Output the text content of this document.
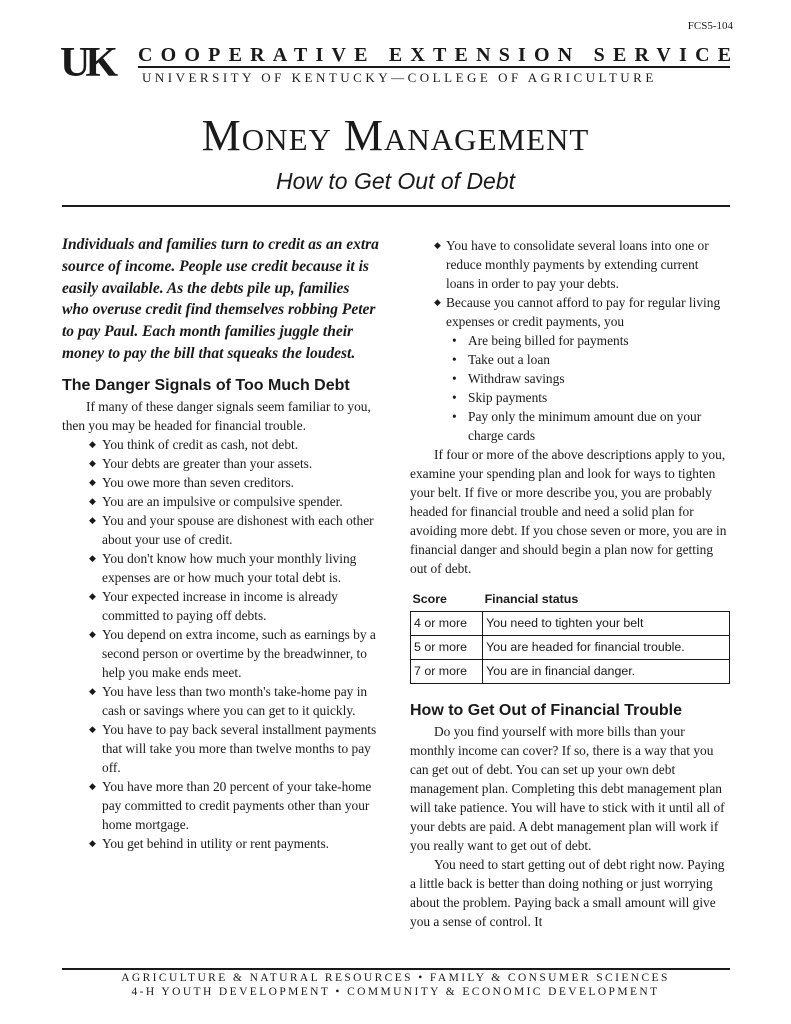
FCS5-104
UK COOPERATIVE EXTENSION SERVICE
UNIVERSITY OF KENTUCKY—COLLEGE OF AGRICULTURE
Money Management
How to Get Out of Debt
Individuals and families turn to credit as an extra source of income. People use credit because it is easily available. As the debts pile up, families who overuse credit find themselves robbing Peter to pay Paul. Each month families juggle their money to pay the bill that squeaks the loudest.
The Danger Signals of Too Much Debt

If many of these danger signals seem familiar to you, then you may be headed for financial trouble.

◆ You think of credit as cash, not debt.
◆ Your debts are greater than your assets.
◆ You owe more than seven creditors.
◆ You are an impulsive or compulsive spender.
◆ You and your spouse are dishonest with each other about your use of credit.
◆ You don't know how much your monthly living expenses are or how much your total debt is.
◆ Your expected increase in income is already committed to paying off debts.
◆ You depend on extra income, such as earnings by a second person or overtime by the breadwinner, to help you make ends meet.
◆ You have less than two month's take-home pay in cash or savings where you can get to it quickly.
◆ You have to pay back several installment payments that will take you more than twelve months to pay off.
◆ You have more than 20 percent of your take-home pay committed to credit payments other than your home mortgage.
◆ You get behind in utility or rent payments.
◆ You have to consolidate several loans into one or reduce monthly payments by extending current loans in order to pay your debts.
◆ Because you cannot afford to pay for regular living expenses or credit payments, you
• Are being billed for payments
• Take out a loan
• Withdraw savings
• Skip payments
• Pay only the minimum amount due on your charge cards

If four or more of the above descriptions apply to you, examine your spending plan and look for ways to tighten your belt. If five or more describe you, you are probably headed for financial trouble and need a solid plan for avoiding more debt. If you chose seven or more, you are in financial danger and should begin a plan now for getting out of debt.

Score	Financial status
4 or more	You need to tighten your belt
5 or more	You are headed for financial trouble.
7 or more	You are in financial danger.
How to Get Out of Financial Trouble

Do you find yourself with more bills than your monthly income can cover? If so, there is a way that you can get out of debt. You can set up your own debt management plan. Completing this debt management plan will take patience. You will have to stick with it until all of your debts are paid. A debt management plan will work if you really want to get out of debt.

You need to start getting out of debt right now. Paying a little back is better than doing nothing or just worrying about the problem. Paying back a small amount will give you a sense of control. It

AGRICULTURE & NATURAL RESOURCES • FAMILY & CONSUMER SCIENCES
4-H YOUTH DEVELOPMENT • COMMUNITY & ECONOMIC DEVELOPMENT
